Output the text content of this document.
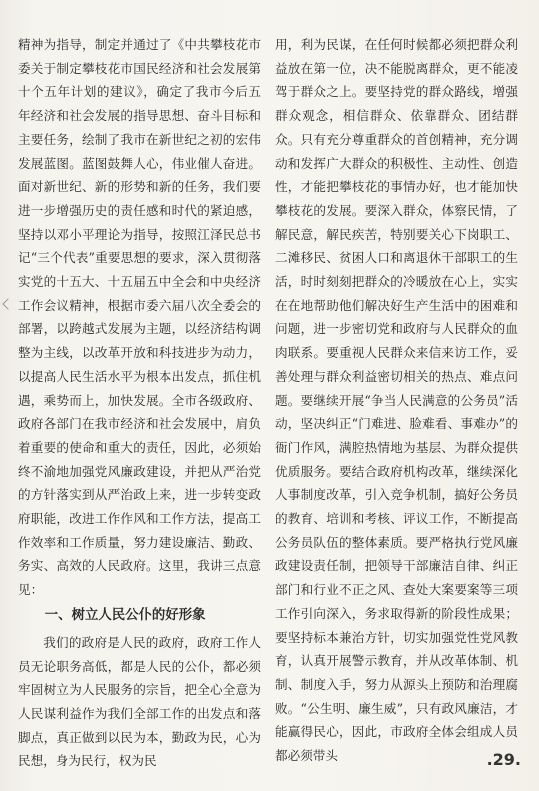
精神为指导，制定并通过了《中共攀枝花市委关于制定攀枝花市国民经济和社会发展第十个五年计划的建议》，确定了我市今后五年经济和社会发展的指导思想、奋斗目标和主要任务，绘制了我市在新世纪之初的宏伟发展蓝图。蓝图鼓舞人心，伟业催人奋进。面对新世纪、新的形势和新的任务，我们要进一步增强历史的责任感和时代的紧迫感，坚持以邓小平理论为指导，按照江泽民总书记“三个代表”重要思想的要求，深入贯彻落实党的十五大、十五届五中全会和中央经济工作会议精神，根据市委六届八次全委会的部署，以跨越式发展为主题，以经济结构调整为主线，以改革开放和科技进步为动力，以提高人民生活水平为根本出发点，抓住机遇，乘势而上，加快发展。全市各级政府、政府各部门在我市经济和社会发展中，肩负着重要的使命和重大的责任，因此，必须始终不渝地加强党风廉政建设，并把从严治党的方针落实到从严治政上来，进一步转变政府职能，改进工作作风和工作方法，提高工作效率和工作质量，努力建设廉洁、勤政、务实、高效的人民政府。这里，我讲三点意见：

一、树立人民公仆的好形象

我们的政府是人民的政府，政府工作人员无论职务高低，都是人民的公仆，都必须牢固树立为人民服务的宗旨，把全心全意为人民谋利益作为我们全部工作的出发点和落脚点，真正做到以民为本，勤政为民，心为民想，身为民行，权为民

用，利为民谋，在任何时候都必须把群众利益放在第一位，决不能脱离群众，更不能凌驾于群众之上。要坚持党的群众路线，增强群众观念，相信群众、依靠群众、团结群众。只有充分尊重群众的首创精神，充分调动和发挥广大群众的积极性、主动性、创造性，才能把攀枝花的事情办好，也才能加快攀枝花的发展。要深入群众，体察民情，了解民意，解民疾苦，特别要关心下岗职工、二滩移民、贫困人口和离退休干部职工的生活，时时刻刻把群众的冷暖放在心上，实实在在地帮助他们解决好生产生活中的困难和问题，进一步密切党和政府与人民群众的血肉联系。要重视人民群众来信来访工作，妥善处理与群众利益密切相关的热点、难点问题。要继续开展“争当人民满意的公务员”活动，坚决纠正“门难进、脸难看、事难办”的衙门作风，满腔热情地为基层、为群众提供优质服务。要结合政府机构改革，继续深化人事制度改革，引入竞争机制，搞好公务员的教育、培训和考核、评议工作，不断提高公务员队伍的整体素质。要严格执行党风廉政建设责任制，把领导干部廉洁自律、纠正部门和行业不正之风、查处大案要案等三项工作引向深入，务求取得新的阶段性成果；要坚持标本兼治方针，切实加强党性党风教育，认真开展警示教育，并从改革体制、机制、制度入手，努力从源头上预防和治理腐败。“公生明、廉生威”，只有政风廉洁，才能赢得民心，因此，市政府全体会组成人员都必须带头	.29.
